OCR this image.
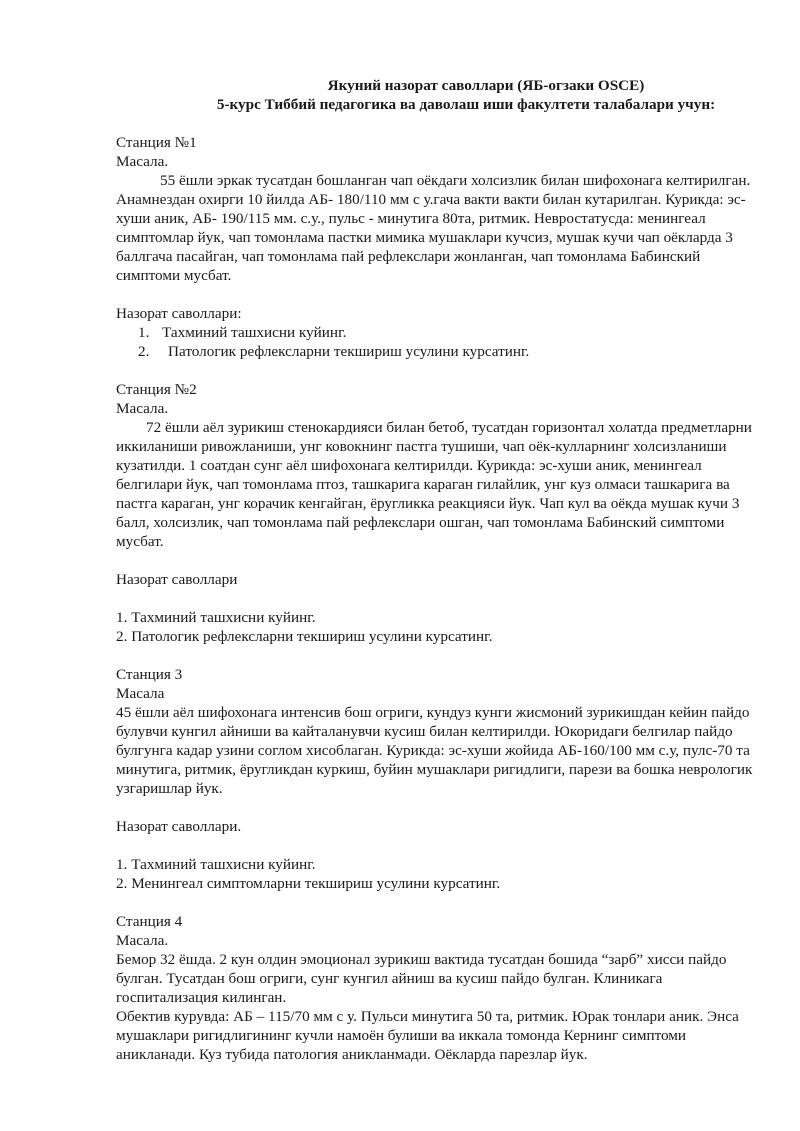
Якуний назорат саволлари (ЯБ-огзаки OSCE)

5-курс Тиббий педагогика ва даволаш иши факултети талабалари учун:

Станция №1

Масала.

55 ёшли эркак тусатдан бошланган чап оёкдаги холсизлик билан шифохонага келтирилган. Анамнездан охирги 10 йилда АБ- 180/110 мм с у.гача вакти вакти билан кутарилган. Курикда: эс-хуши аник, АБ- 190/115 мм. с.у., пульс - минутига 80та, ритмик. Невростатусда: менингеал симптомлар йук, чап томонлама пастки мимика мушаклари кучсиз, мушак кучи чап оёкларда 3 баллгача пасайган, чап томонлама пай рефлекслари жонланган, чап томонлама Бабинский симптоми мусбат.

Назорат саволлари:

1. Тахминий ташхисни куйинг.
2. Патологик рефлексларни текшириш усулини курсатинг.

Станция №2

Масала.

72 ёшли аёл зурикиш стенокардияси билан бетоб, тусатдан горизонтал холатда предметларни иккиланиши ривожланиши, унг ковокнинг пастга тушиши, чап оёк-кулларнинг холсизланиши кузатилди. 1 соатдан сунг аёл шифохонага келтирилди. Курикда: эс-хуши аник, менингеал белгилари йук, чап томонлама птоз, ташкарига караган гилайлик, унг куз олмаси ташкарига ва пастга караган, унг корачик кенгайган, ёругликка реакцияси йук. Чап кул ва оёкда мушак кучи 3 балл, холсизлик, чап томонлама пай рефлекслари ошган, чап томонлама Бабинский симптоми мусбат.

Назорат саволлари

1. Тахминий ташхисни куйинг.

2. Патологик рефлексларни текшириш усулини курсатинг.

Станция 3

Масала

45 ёшли аёл шифохонага интенсив бош огриги, кундуз кунги жисмоний зурикишдан кейин пайдо булувчи кунгил айниши ва кайталанувчи кусиш билан келтирилди. Юкоридаги белгилар пайдо булгунга кадар узини соглом хисоблаган. Курикда: эс-хуши жойида АБ-160/100 мм с.у, пулс-70 та минутига, ритмик, ёругликдан куркиш, буйин мушаклари ригидлиги, парези ва бошка неврологик узгаришлар йук.

Назорат саволлари.

1. Тахминий ташхисни куйинг.

2. Менингеал симптомларни текшириш усулини курсатинг.

Станция 4

Масала.

Бемор 32 ёшда. 2 кун олдин эмоционал зурикиш вактида тусатдан бошида “зарб” хисси пайдо булган. Тусатдан бош огриги, сунг кунгил айниш ва кусиш пайдо булган. Клиникага госпитализация килинган.

Обектив курувда: АБ – 115/70 мм с у. Пульси минутига 50 та, ритмик. Юрак тонлари аник. Энса мушаклари ригидлигининг кучли намоён булиши ва иккала томонда Кернинг симптоми аникланади. Куз тубида патология аникланмади. Оёкларда парезлар йук.
